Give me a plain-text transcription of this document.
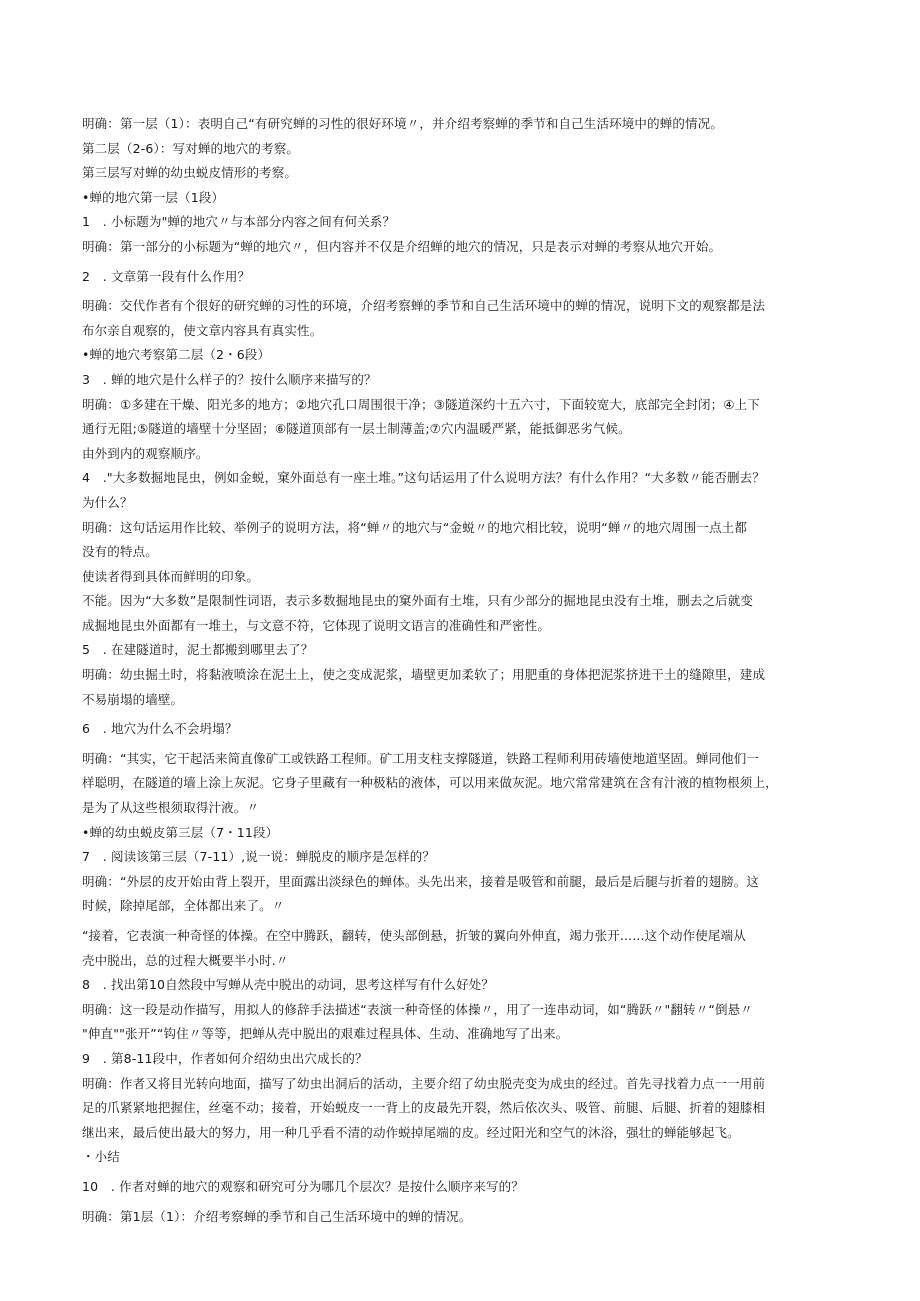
明确：第一层（1）：表明自己“有研究蝉的习性的很好环境〃，并介绍考察蝉的季节和自己生活环境中的蝉的情况。
第二层（2-6）：写对蝉的地穴的考察。
第三层写对蝉的幼虫蜕皮情形的考察。
•蝉的地穴第一层（1段）
1　. 小标题为"蝉的地穴〃与本部分内容之间有何关系？
明确：第一部分的小标题为“蝉的地穴〃，但内容并不仅是介绍蝉的地穴的情况，只是表示对蝉的考察从地穴开始。
2　. 文章第一段有什么作用？
明确：交代作者有个很好的研究蝉的习性的环境，介绍考察蝉的季节和自己生活环境中的蝉的情况，说明下文的观察都是法
布尔亲自观察的，使文章内容具有真实性。
•蝉的地穴考察第二层（2・6段）
3　. 蝉的地穴是什么样子的？按什么顺序来描写的？
明确：①多建在干燥、阳光多的地方；②地穴孔口周围很干净；③隧道深约十五六寸，下面较宽大，底部完全封闭；④上下
通行无阻;⑤隧道的墙壁十分坚固；⑥隧道顶部有一层土制薄盖;⑦穴内温暖严紧，能抵御恶劣气候。
由外到内的观察顺序。
4　."大多数掘地昆虫，例如金蜕，窠外面总有一座土堆。”这句话运用了什么说明方法？有什么作用？“大多数〃能否删去？
为什么？
明确：这句话运用作比较、举例子的说明方法，将“蝉〃的地穴与“金蜕〃的地穴相比较，说明“蝉〃的地穴周围一点土都
没有的特点。
使读者得到具体而鲜明的印象。
不能。因为“大多数”是限制性词语，表示多数掘地昆虫的窠外面有土堆，只有少部分的掘地昆虫没有土堆，删去之后就变
成掘地昆虫外面都有一堆土，与文意不符，它体现了说明文语言的准确性和严密性。
5　. 在建隧道时，泥土都搬到哪里去了？
明确：幼虫掘土时，将黏液喷涂在泥土上，使之变成泥浆，墙壁更加柔软了；用肥重的身体把泥浆挤进干土的缝隙里，建成
不易崩塌的墙壁。
6　. 地穴为什么不会坍塌？
明确：“其实，它干起活来简直像矿工或铁路工程师。矿工用支柱支撑隧道，铁路工程师利用砖墙使地道坚固。蝉同他们一
样聪明，在隧道的墙上涂上灰泥。它身子里藏有一种极粘的液体，可以用来做灰泥。地穴常常建筑在含有汁液的植物根须上，
是为了从这些根须取得汁液。〃
•蝉的幼虫蜕皮第三层（7・11段）
7　. 阅读该第三层（7-11）,说一说：蝉脱皮的顺序是怎样的？
明确：“外层的皮开始由背上裂开，里面露出淡绿色的蝉体。头先出来，接着是吸管和前腿，最后是后腿与折着的翅膀。这
时候，除掉尾部，全体都出来了。〃
“接着，它表演一种奇怪的体操。在空中腾跃，翻转，使头部倒悬，折皱的翼向外伸直，竭力张开......这个动作使尾端从
壳中脱出，总的过程大概要半小时.〃
8　. 找出第10自然段中写蝉从壳中脱出的动词，思考这样写有什么好处？
明确：这一段是动作描写，用拟人的修辞手法描述“表演一种奇怪的体操〃，用了一连串动词，如“腾跃〃"翻转〃“倒悬〃
"伸直""张开”“钩住〃等等，把蝉从壳中脱出的艰难过程具体、生动、准确地写了出来。
9　. 第8-11段中，作者如何介绍幼虫出穴成长的？
明确：作者又将目光转向地面，描写了幼虫出洞后的活动，主要介绍了幼虫脱壳变为成虫的经过。首先寻找着力点一一用前
足的爪紧紧地把握住，丝毫不动；接着，开始蜕皮一一背上的皮最先开裂，然后依次头、吸管、前腿、后腿、折着的翅膝相
继出来，最后使出最大的努力，用一种几乎看不清的动作蜕掉尾端的皮。经过阳光和空气的沐浴，强壮的蝉能够起飞。
・小结
10　. 作者对蝉的地穴的观察和研究可分为哪几个层次？是按什么顺序来写的？
明确：第1层（1）：介绍考察蝉的季节和自己生活环境中的蝉的情况。
